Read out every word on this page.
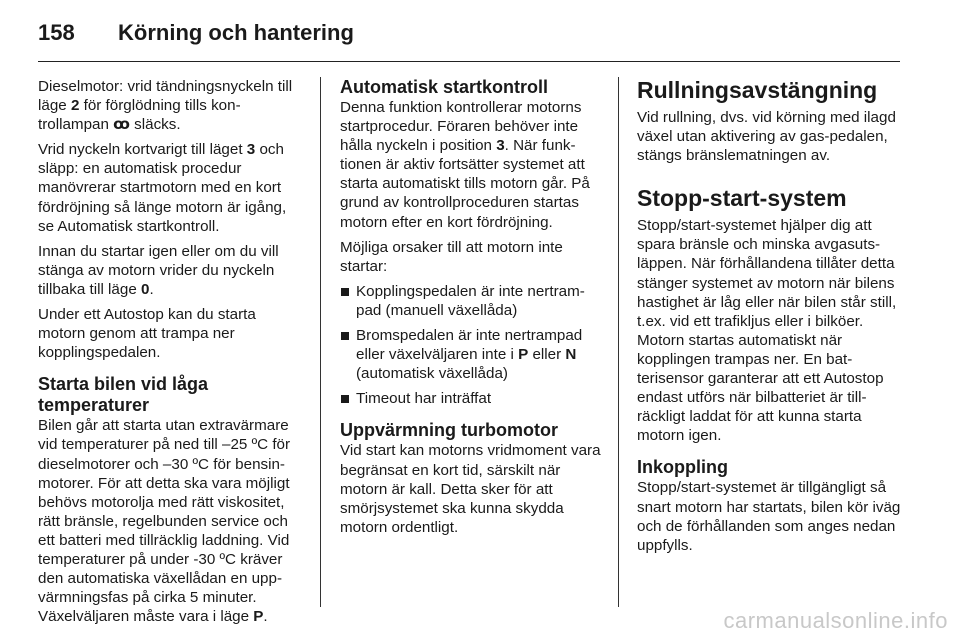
158	Körning och hantering

Dieselmotor: vrid tändningsnyckeln till läge 2 för förglödning tills kon-trollampan ꝏ släcks.

Vrid nyckeln kortvarigt till läget 3 och släpp: en automatisk procedur manövrerar startmotorn med en kort fördröjning så länge motorn är igång, se Automatisk startkontroll.

Innan du startar igen eller om du vill stänga av motorn vrider du nyckeln tillbaka till läge 0.

Under ett Autostop kan du starta motorn genom att trampa ner kopplingspedalen.

Starta bilen vid låga temperaturer

Bilen går att starta utan extravärmare vid temperaturer på ned till –25 ºC för dieselmotorer och –30 ºC för bensin-motorer. För att detta ska vara möjligt behövs motorolja med rätt viskositet, rätt bränsle, regelbunden service och ett batteri med tillräcklig laddning. Vid temperaturer på under -30 ºC kräver den automatiska växellådan en upp-värmningsfas på cirka 5 minuter. Växelväljaren måste vara i läge P.

Automatisk startkontroll

Denna funktion kontrollerar motorns startprocedur. Föraren behöver inte hålla nyckeln i position 3. När funk-tionen är aktiv fortsätter systemet att starta automatiskt tills motorn går. På grund av kontrollproceduren startas motorn efter en kort fördröjning.

Möjliga orsaker till att motorn inte startar:

Kopplingspedalen är inte nertram-pad (manuell växellåda)
Bromspedalen är inte nertrampad eller växelväljaren inte i P eller N (automatisk växellåda)
Timeout har inträffat
Uppvärmning turbomotor

Vid start kan motorns vridmoment vara begränsat en kort tid, särskilt när motorn är kall. Detta sker för att smörjsystemet ska kunna skydda motorn ordentligt.

Rullningsavstängning

Vid rullning, dvs. vid körning med ilagd växel utan aktivering av gas-pedalen, stängs bränslematningen av.

Stopp-start-system

Stopp/start-systemet hjälper dig att spara bränsle och minska avgasuts-läppen. När förhållandena tillåter detta stänger systemet av motorn när bilens hastighet är låg eller när bilen står still, t.ex. vid ett trafikljus eller i bilköer. Motorn startas automatiskt när kopplingen trampas ner. En bat-terisensor garanterar att ett Autostop endast utförs när bilbatteriet är till-räckligt laddat för att kunna starta motorn igen.

Inkoppling

Stopp/start-systemet är tillgängligt så snart motorn har startats, bilen kör iväg och de förhållanden som anges nedan uppfylls.

carmanualsonline.info
